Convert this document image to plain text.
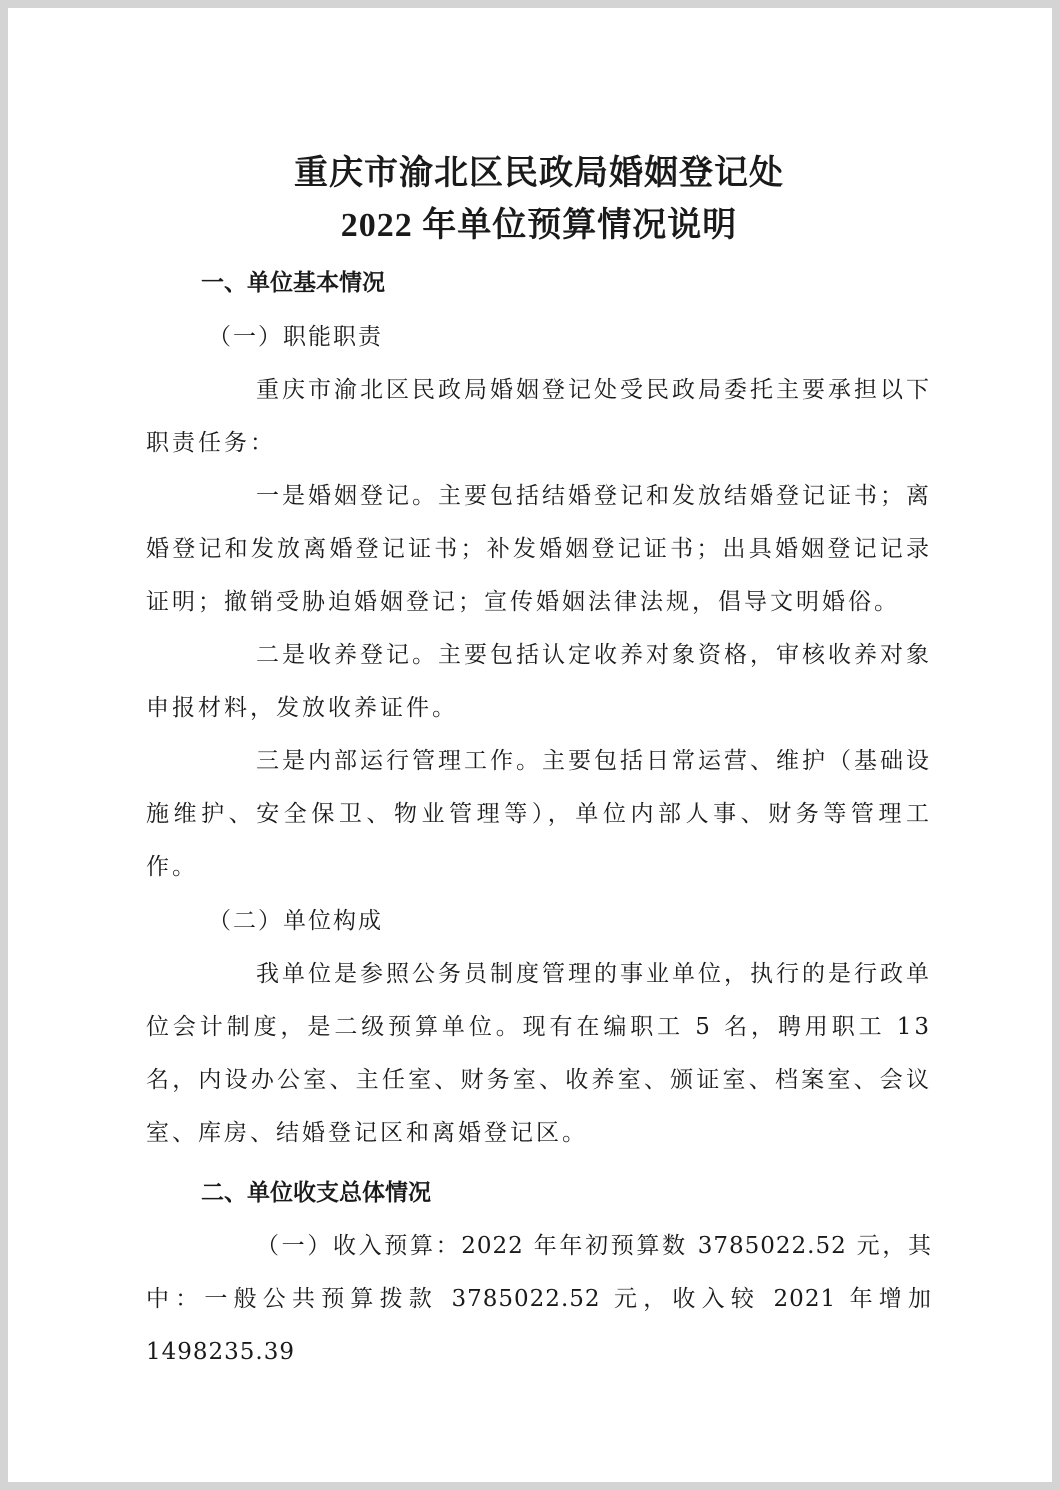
重庆市渝北区民政局婚姻登记处
2022 年单位预算情况说明

一、单位基本情况

（一）职能职责

重庆市渝北区民政局婚姻登记处受民政局委托主要承担以下职责任务：

一是婚姻登记。主要包括结婚登记和发放结婚登记证书；离婚登记和发放离婚登记证书；补发婚姻登记证书；出具婚姻登记记录证明；撤销受胁迫婚姻登记；宣传婚姻法律法规，倡导文明婚俗。

二是收养登记。主要包括认定收养对象资格，审核收养对象申报材料，发放收养证件。

三是内部运行管理工作。主要包括日常运营、维护（基础设施维护、安全保卫、物业管理等），单位内部人事、财务等管理工作。

（二）单位构成

我单位是参照公务员制度管理的事业单位，执行的是行政单位会计制度，是二级预算单位。现有在编职工 5 名，聘用职工 13 名，内设办公室、主任室、财务室、收养室、颁证室、档案室、会议室、库房、结婚登记区和离婚登记区。

二、单位收支总体情况

（一）收入预算：2022 年年初预算数 3785022.52 元，其中：一般公共预算拨款 3785022.52 元，收入较 2021 年增加 1498235.39
